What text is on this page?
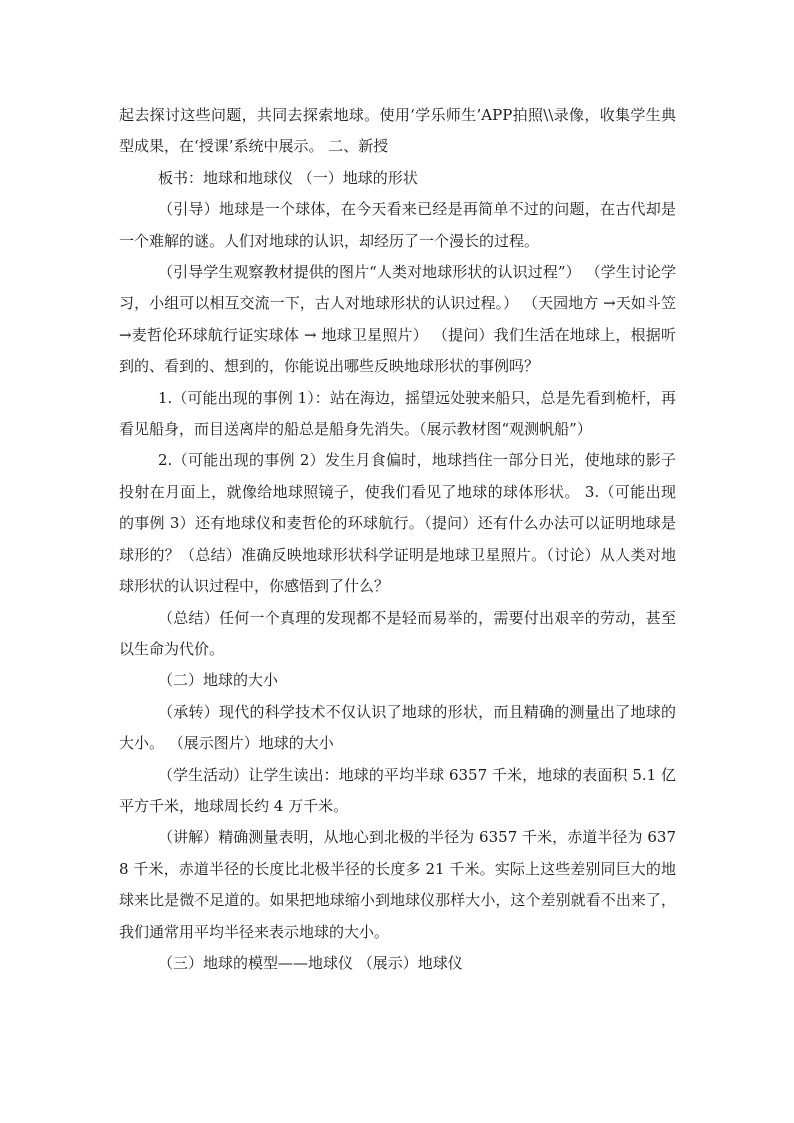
起去探讨这些问题，共同去探索地球。使用‘学乐师生’APP拍照\\录像，收集学生典型成果，在‘授课’系统中展示。 二、新授

板书：地球和地球仪 （一）地球的形状

（引导）地球是一个球体，在今天看来已经是再简单不过的问题，在古代却是一个难解的谜。人们对地球的认识，却经历了一个漫长的过程。

（引导学生观察教材提供的图片“人类对地球形状的认识过程”） （学生讨论学习，小组可以相互交流一下，古人对地球形状的认识过程。） （天园地方 →天如斗笠 →麦哲伦环球航行证实球体 → 地球卫星照片） （提问）我们生活在地球上，根据听到的、看到的、想到的，你能说出哪些反映地球形状的事例吗？

1.（可能出现的事例 1）：站在海边，摇望远处驶来船只，总是先看到桅杆，再看见船身，而目送离岸的船总是船身先消失。（展示教材图“观测帆船”）

2.（可能出现的事例 2）发生月食偏时，地球挡住一部分日光，使地球的影子投射在月面上，就像给地球照镜子，使我们看见了地球的球体形状。 3.（可能出现的事例 3）还有地球仪和麦哲伦的环球航行。（提问）还有什么办法可以证明地球是球形的？（总结）准确反映地球形状科学证明是地球卫星照片。（讨论）从人类对地球形状的认识过程中，你感悟到了什么？

（总结）任何一个真理的发现都不是轻而易举的，需要付出艰辛的劳动，甚至以生命为代价。

（二）地球的大小

（承转）现代的科学技术不仅认识了地球的形状，而且精确的测量出了地球的大小。 （展示图片）地球的大小

（学生活动）让学生读出：地球的平均半球 6357 千米，地球的表面积 5.1 亿平方千米，地球周长约 4 万千米。

（讲解）精确测量表明，从地心到北极的半径为 6357 千米，赤道半径为 6378 千米，赤道半径的长度比北极半径的长度多 21 千米。实际上这些差别同巨大的地球来比是微不足道的。如果把地球缩小到地球仪那样大小，这个差别就看不出来了，我们通常用平均半径来表示地球的大小。

（三）地球的模型——地球仪 （展示）地球仪
